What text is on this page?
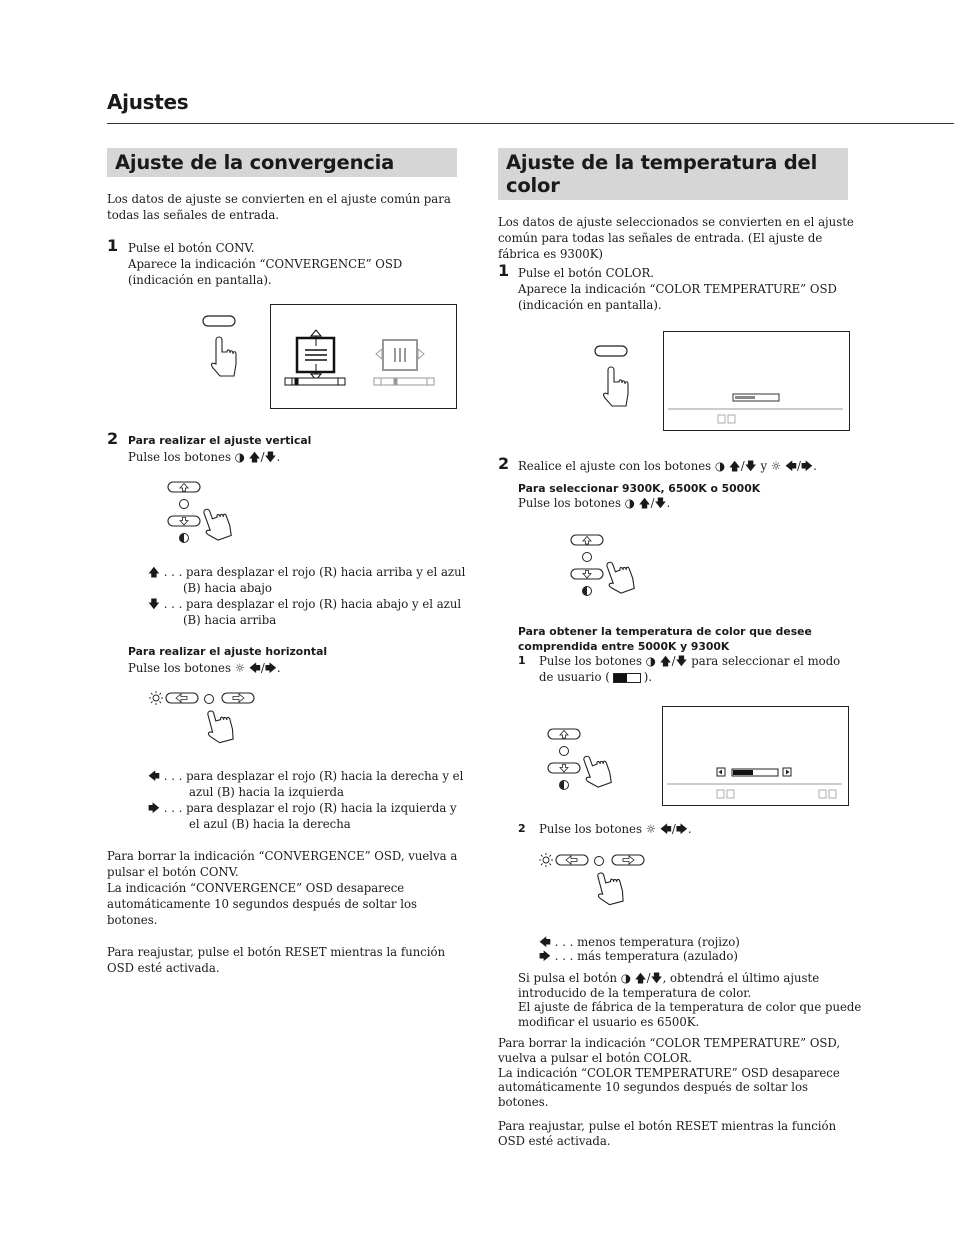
Ajustes
Ajuste de la convergencia
Los datos de ajuste se convierten en el ajuste común para
todas las señales de entrada.
1 Pulse el botón CONV.
Aparece la indicación “CONVERGENCE” OSD
(indicación en pantalla).
2 Para realizar el ajuste vertical
Pulse los botones ◑ 🡅/🡇.
🡅 . . . para desplazar el rojo (R) hacia arriba y el azul
(B) hacia abajo
🡇 . . . para desplazar el rojo (R) hacia abajo y el azul
(B) hacia arriba
Para realizar el ajuste horizontal
Pulse los botones ☼ 🡄/🡆.
🡄 . . . para desplazar el rojo (R) hacia la derecha y el
azul (B) hacia la izquierda
🡆 . . . para desplazar el rojo (R) hacia la izquierda y
el azul (B) hacia la derecha
Para borrar la indicación “CONVERGENCE” OSD, vuelva a
pulsar el botón CONV.
La indicación “CONVERGENCE” OSD desaparece
automáticamente 10 segundos después de soltar los
botones.
Para reajustar, pulse el botón RESET mientras la función
OSD esté activada.
Ajuste de la temperatura del
color
Los datos de ajuste seleccionados se convierten en el ajuste
común para todas las señales de entrada. (El ajuste de
fábrica es 9300K)
1 Pulse el botón COLOR.
Aparece la indicación “COLOR TEMPERATURE” OSD
(indicación en pantalla).
2 Realice el ajuste con los botones ◑ 🡅/🡇 y ☼ 🡄/🡆.
Para seleccionar 9300K, 6500K o 5000K
Pulse los botones ◑ 🡅/🡇.
Para obtener la temperatura de color que desee
comprendida entre 5000K y 9300K
1 Pulse los botones ◑ 🡅/🡇 para seleccionar el modo
de usuario (	).
2 Pulse los botones ☼ 🡄/🡆.
🡄 . . . menos temperatura (rojizo)
🡆 . . . más temperatura (azulado)
Si pulsa el botón ◑ 🡅/🡇, obtendrá el último ajuste
introducido de la temperatura de color.
El ajuste de fábrica de la temperatura de color que puede
modificar el usuario es 6500K.
Para borrar la indicación “COLOR TEMPERATURE” OSD,
vuelva a pulsar el botón COLOR.
La indicación “COLOR TEMPERATURE” OSD desaparece
automáticamente 10 segundos después de soltar los
botones.
Para reajustar, pulse el botón RESET mientras la función
OSD esté activada.
